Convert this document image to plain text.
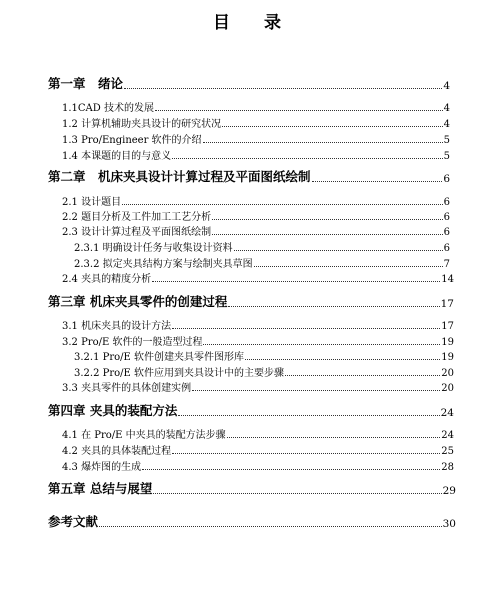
目 录
第一章　绪论	4
1.1CAD 技术的发展	4
1.2 计算机辅助夹具设计的研究状况	4
1.3 Pro/Engineer 软件的介绍	5
1.4 本课题的目的与意义	5
第二章　机床夹具设计计算过程及平面图纸绘制	6
2.1 设计题目	6
2.2 题目分析及工件加工工艺分析	6
2.3 设计计算过程及平面图纸绘制	6
2.3.1 明确设计任务与收集设计资料	6
2.3.2 拟定夹具结构方案与绘制夹具草图	7
2.4 夹具的精度分析	14
第三章 机床夹具零件的创建过程	17
3.1 机床夹具的设计方法	17
3.2 Pro/E 软件的一般造型过程	19
3.2.1 Pro/E 软件创建夹具零件图形库	19
3.2.2 Pro/E 软件应用到夹具设计中的主要步骤	20
3.3 夹具零件的具体创建实例	20
第四章 夹具的装配方法	24
4.1 在 Pro/E 中夹具的装配方法步骤	24
4.2 夹具的具体装配过程	25
4.3 爆炸图的生成	28
第五章 总结与展望	29
参考文献	30
